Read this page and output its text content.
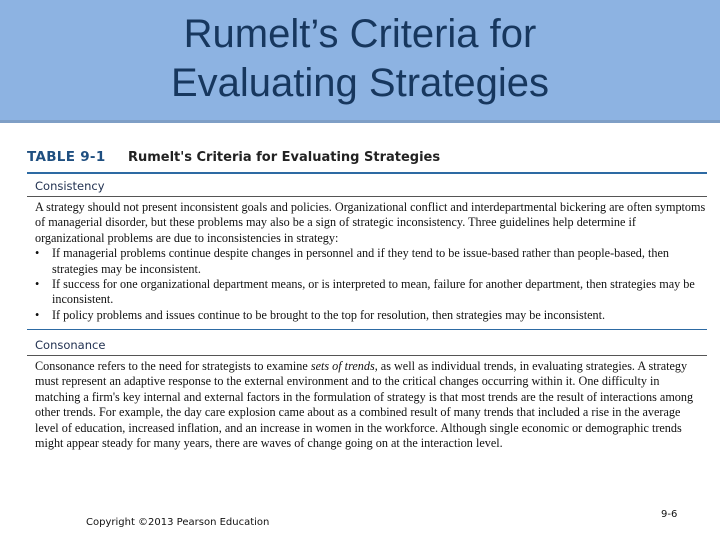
Rumelt’s Criteria for
Evaluating Strategies
TABLE 9-1 Rumelt's Criteria for Evaluating Strategies
Consistency

A strategy should not present inconsistent goals and policies. Organizational conflict and interdepartmental bickering are often symptoms of managerial disorder, but these problems may also be a sign of strategic inconsistency. Three guidelines help determine if organizational problems are due to inconsistencies in strategy:

• If managerial problems continue despite changes in personnel and if they tend to be issue-based rather than people-based, then strategies may be inconsistent.
• If success for one organizational department means, or is interpreted to mean, failure for another department, then strategies may be inconsistent.
• If policy problems and issues continue to be brought to the top for resolution, then strategies may be inconsistent.
Consonance

Consonance refers to the need for strategists to examine sets of trends, as well as individual trends, in evaluating strategies. A strategy must represent an adaptive response to the external environment and to the critical changes occurring within it. One difficulty in matching a firm's key internal and external factors in the formulation of strategy is that most trends are the result of interactions among other trends. For example, the day care explosion came about as a combined result of many trends that included a rise in the average level of education, increased inflation, and an increase in women in the workforce. Although single economic or demographic trends might appear steady for many years, there are waves of change going on at the interaction level.

Copyright ©2013 Pearson Education
9-6
